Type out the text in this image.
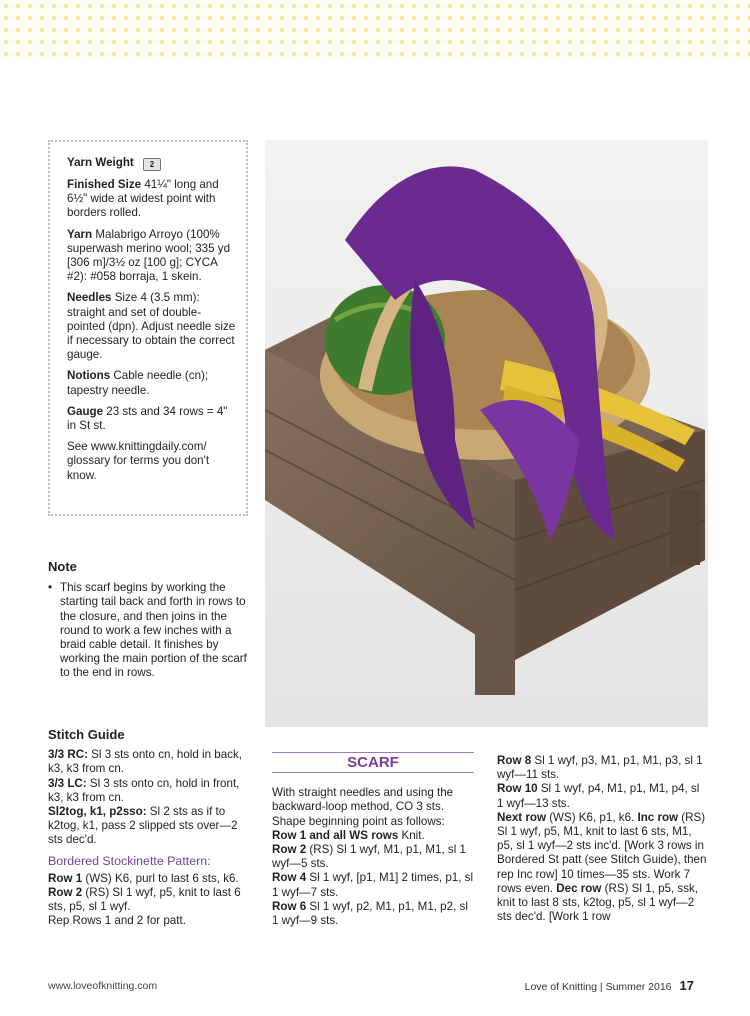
Yarn Weight 2

Finished Size 41¼" long and 6½" wide at widest point with borders rolled.

Yarn Malabrigo Arroyo (100% superwash merino wool; 335 yd [306 m]/3½ oz [100 g]; CYCA #2): #058 borraja, 1 skein.

Needles Size 4 (3.5 mm): straight and set of double-pointed (dpn). Adjust needle size if necessary to obtain the correct gauge.

Notions Cable needle (cn); tapestry needle.

Gauge 23 sts and 34 rows = 4" in St st.

See www.knittingdaily.com/ glossary for terms you don't know.

Note

• This scarf begins by working the starting tail back and forth in rows to the closure, and then joins in the round to work a few inches with a braid cable detail. It finishes by working the main portion of the scarf to the end in rows.

Stitch Guide

3/3 RC: Sl 3 sts onto cn, hold in back, k3, k3 from cn.

3/3 LC: Sl 3 sts onto cn, hold in front, k3, k3 from cn.

Sl2tog, k1, p2sso: Sl 2 sts as if to k2tog, k1, pass 2 slipped sts over—2 sts dec'd.

Bordered Stockinette Pattern:

Row 1 (WS) K6, purl to last 6 sts, k6.

Row 2 (RS) Sl 1 wyf, p5, knit to last 6 sts, p5, sl 1 wyf.

Rep Rows 1 and 2 for patt.

SCARF

With straight needles and using the backward-loop method, CO 3 sts. Shape beginning point as follows:

Row 1 and all WS rows Knit.

Row 2 (RS) Sl 1 wyf, M1, p1, M1, sl 1 wyf—5 sts.

Row 4 Sl 1 wyf, [p1, M1] 2 times, p1, sl 1 wyf—7 sts.

Row 6 Sl 1 wyf, p2, M1, p1, M1, p2, sl 1 wyf—9 sts.

Row 8 Sl 1 wyf, p3, M1, p1, M1, p3, sl 1 wyf—11 sts.

Row 10 Sl 1 wyf, p4, M1, p1, M1, p4, sl 1 wyf—13 sts.

Next row (WS) K6, p1, k6. Inc row (RS) Sl 1 wyf, p5, M1, knit to last 6 sts, M1, p5, sl 1 wyf—2 sts inc'd. [Work 3 rows in Bordered St patt (see Stitch Guide), then rep Inc row] 10 times—35 sts. Work 7 rows even. Dec row (RS) Sl 1, p5, ssk, knit to last 8 sts, k2tog, p5, sl 1 wyf—2 sts dec'd. [Work 1 row

www.loveofknitting.com	Love of Knitting | Summer 2016 17
